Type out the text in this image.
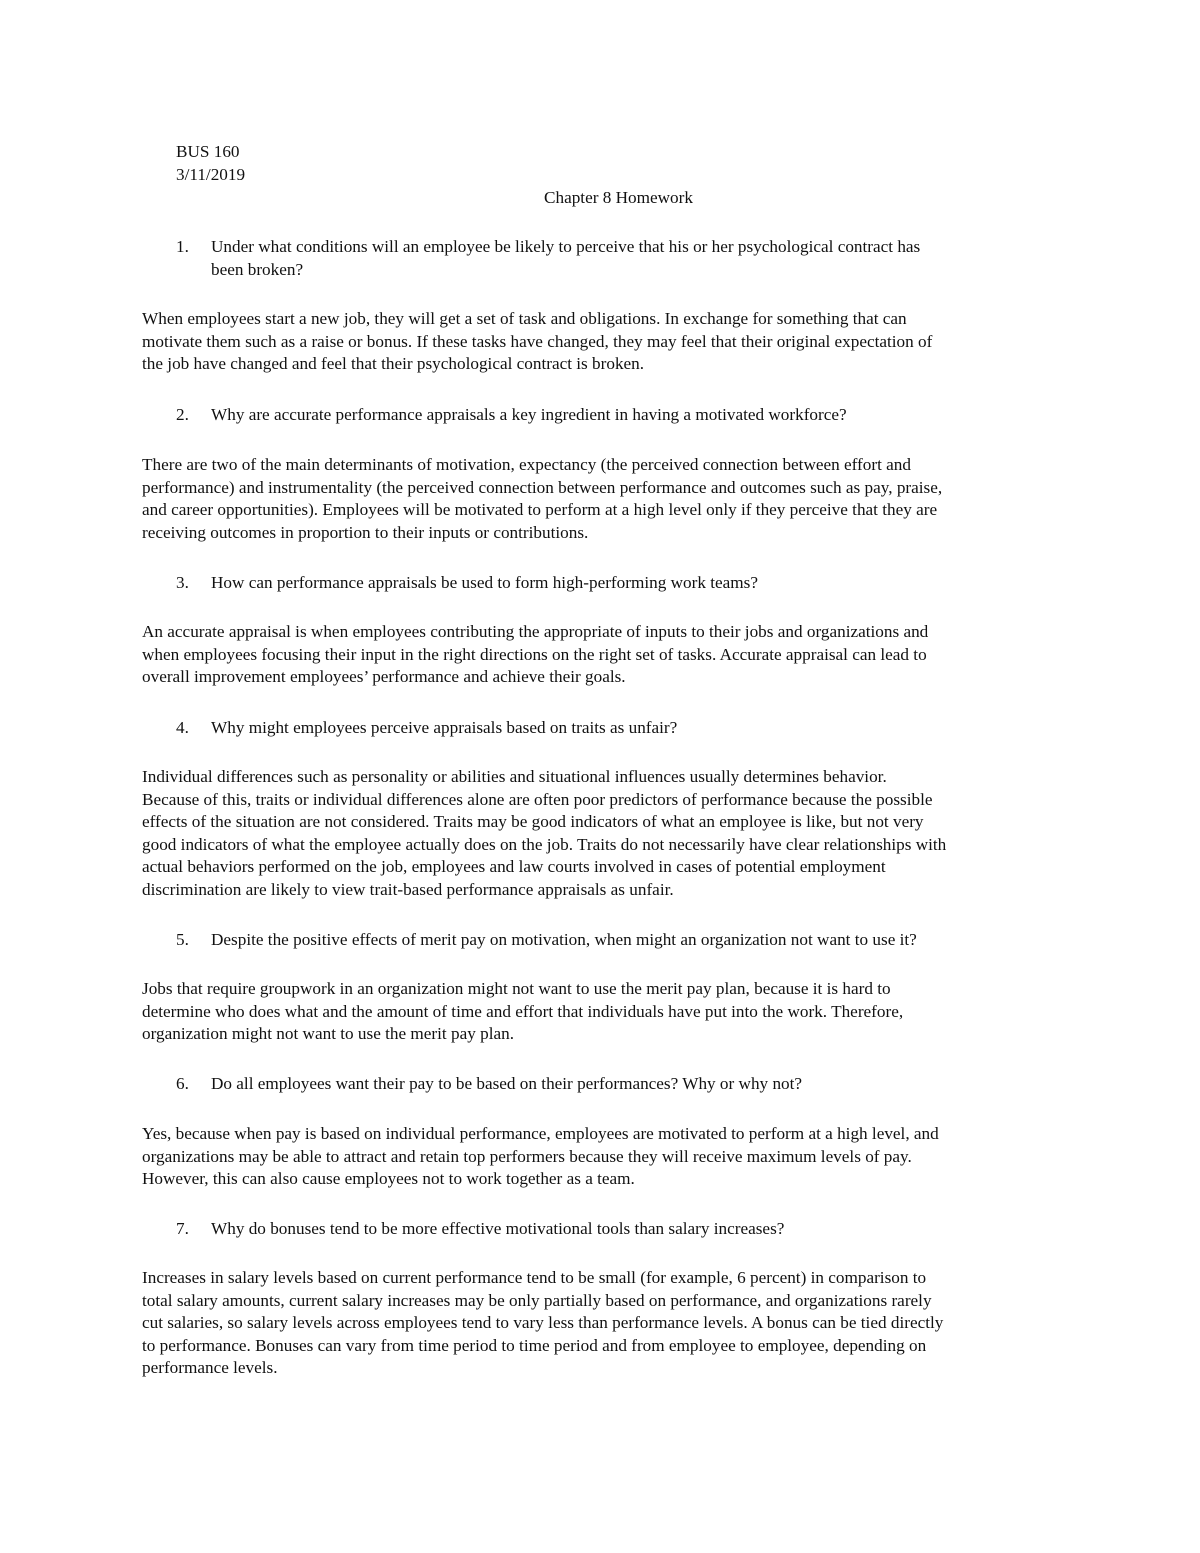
BUS 160
3/11/2019
Chapter 8 Homework
1. Under what conditions will an employee be likely to perceive that his or her psychological contract has
been broken?
When employees start a new job, they will get a set of task and obligations. In exchange for something that can
motivate them such as a raise or bonus. If these tasks have changed, they may feel that their original expectation of
the job have changed and feel that their psychological contract is broken.
2. Why are accurate performance appraisals a key ingredient in having a motivated workforce?
There are two of the main determinants of motivation, expectancy (the perceived connection between effort and
performance) and instrumentality (the perceived connection between performance and outcomes such as pay, praise,
and career opportunities). Employees will be motivated to perform at a high level only if they perceive that they are
receiving outcomes in proportion to their inputs or contributions.
3. How can performance appraisals be used to form high-performing work teams?
An accurate appraisal is when employees contributing the appropriate of inputs to their jobs and organizations and
when employees focusing their input in the right directions on the right set of tasks. Accurate appraisal can lead to
overall improvement employees’ performance and achieve their goals.
4. Why might employees perceive appraisals based on traits as unfair?
Individual differences such as personality or abilities and situational influences usually determines behavior.
Because of this, traits or individual differences alone are often poor predictors of performance because the possible
effects of the situation are not considered. Traits may be good indicators of what an employee is like, but not very
good indicators of what the employee actually does on the job. Traits do not necessarily have clear relationships with
actual behaviors performed on the job, employees and law courts involved in cases of potential employment
discrimination are likely to view trait-based performance appraisals as unfair.
5. Despite the positive effects of merit pay on motivation, when might an organization not want to use it?
Jobs that require groupwork in an organization might not want to use the merit pay plan, because it is hard to
determine who does what and the amount of time and effort that individuals have put into the work. Therefore,
organization might not want to use the merit pay plan.
6. Do all employees want their pay to be based on their performances? Why or why not?
Yes, because when pay is based on individual performance, employees are motivated to perform at a high level, and
organizations may be able to attract and retain top performers because they will receive maximum levels of pay.
However, this can also cause employees not to work together as a team.
7. Why do bonuses tend to be more effective motivational tools than salary increases?
Increases in salary levels based on current performance tend to be small (for example, 6 percent) in comparison to
total salary amounts, current salary increases may be only partially based on performance, and organizations rarely
cut salaries, so salary levels across employees tend to vary less than performance levels. A bonus can be tied directly
to performance. Bonuses can vary from time period to time period and from employee to employee, depending on
performance levels.
